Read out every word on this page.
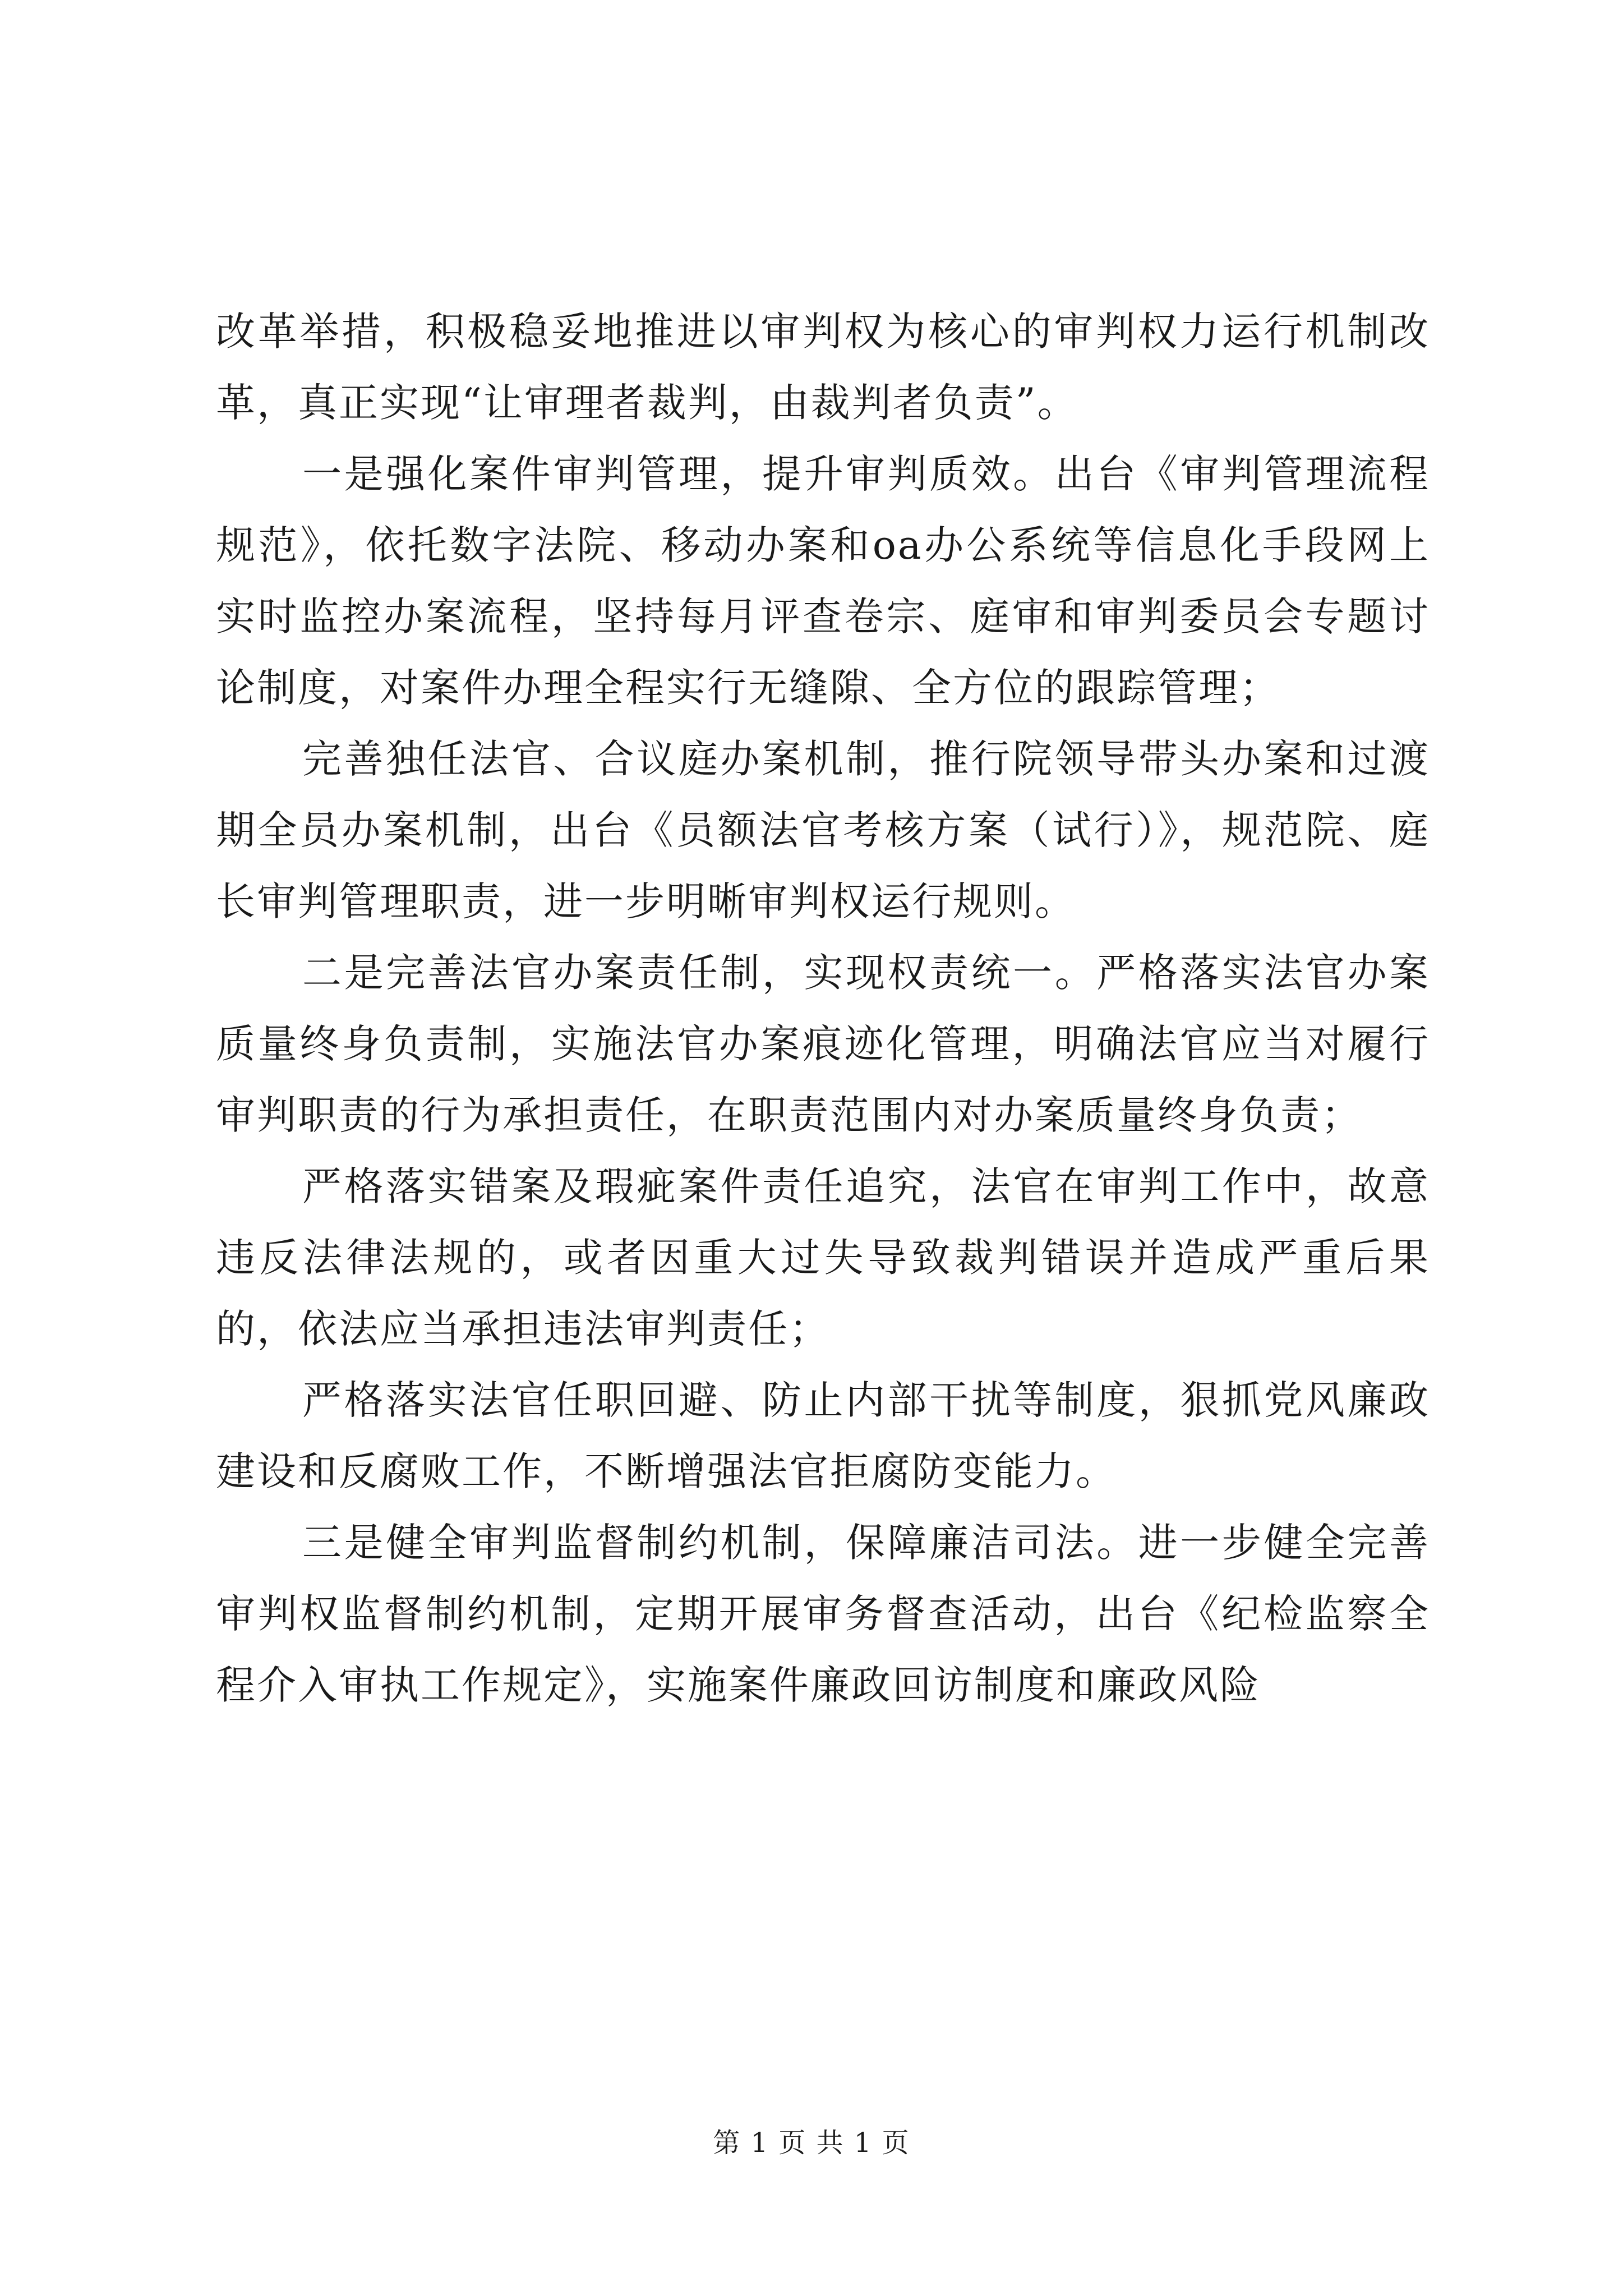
改革举措，积极稳妥地推进以审判权为核心的审判权力运行机制改革，真正实现“让审理者裁判，由裁判者负责”。

一是强化案件审判管理，提升审判质效。出台《审判管理流程规范》，依托数字法院、移动办案和oa办公系统等信息化手段网上实时监控办案流程，坚持每月评查卷宗、庭审和审判委员会专题讨论制度，对案件办理全程实行无缝隙、全方位的跟踪管理；

完善独任法官、合议庭办案机制，推行院领导带头办案和过渡期全员办案机制，出台《员额法官考核方案（试行）》，规范院、庭长审判管理职责，进一步明晰审判权运行规则。

二是完善法官办案责任制，实现权责统一。严格落实法官办案质量终身负责制，实施法官办案痕迹化管理，明确法官应当对履行审判职责的行为承担责任，在职责范围内对办案质量终身负责；

严格落实错案及瑕疵案件责任追究，法官在审判工作中，故意违反法律法规的，或者因重大过失导致裁判错误并造成严重后果的，依法应当承担违法审判责任；

严格落实法官任职回避、防止内部干扰等制度，狠抓党风廉政建设和反腐败工作，不断增强法官拒腐防变能力。

三是健全审判监督制约机制，保障廉洁司法。进一步健全完善审判权监督制约机制，定期开展审务督查活动，出台《纪检监察全程介入审执工作规定》，实施案件廉政回访制度和廉政风险

第 1 页 共 1 页
